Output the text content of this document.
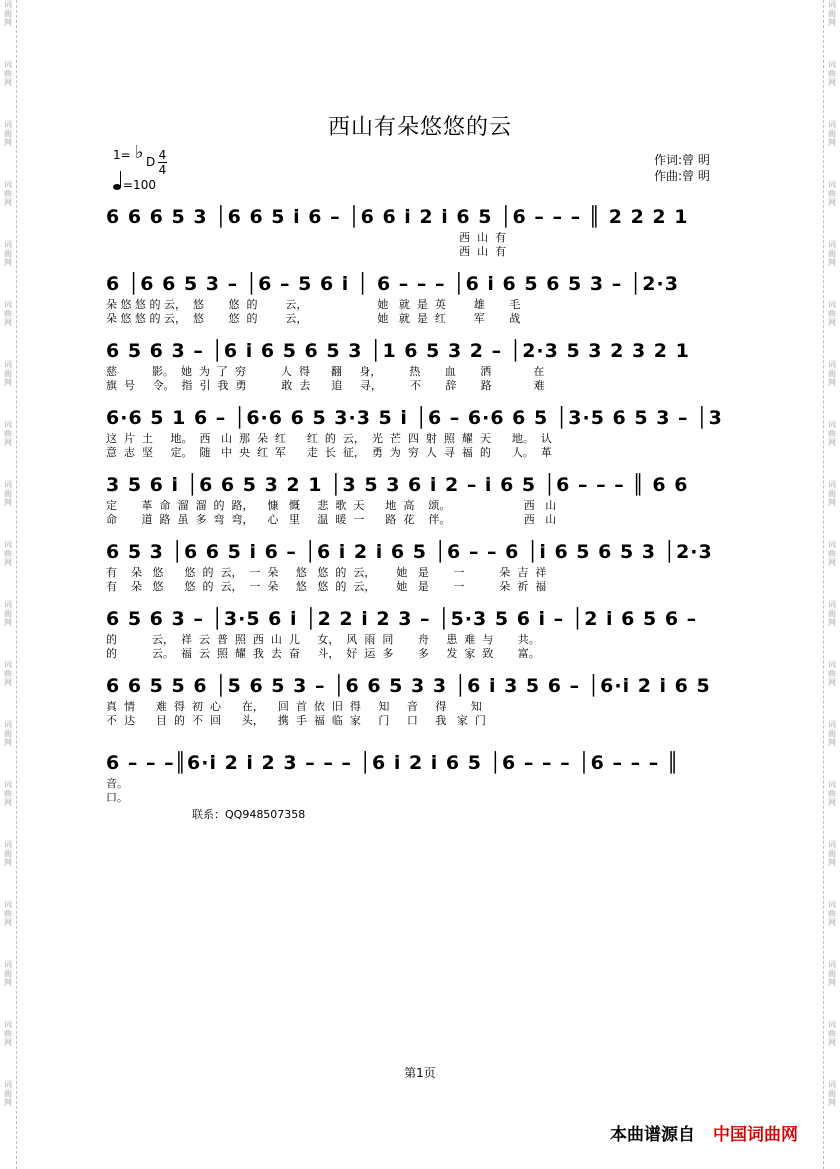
词曲网
词曲网
词曲网
词曲网
词曲网
词曲网
词曲网
词曲网
词曲网
词曲网
词曲网
词曲网
词曲网
词曲网
词曲网
词曲网
词曲网
词曲网
词曲网
词曲网
词曲网
词曲网
词曲网
词曲网
词曲网
词曲网
词曲网
词曲网
词曲网
词曲网
词曲网
词曲网
词曲网
词曲网
词曲网
词曲网
词曲网
词曲网
西山有朵悠悠的云
1= ♭ D 4
4
=100
作词:曾 明
作曲:曾 明
6 6 6 5 3 │6 6 5 i 6 – │6 6 i 2 i 6 5 │6 – – – ║ 2 2 2 1
西  山  有
西  山  有
6 │6 6 5 3 – │6 – 5 6 i │ 6 – – – │6 i 6 5 6 5 3 – │2·3
朵 悠 悠 的 云，  悠       悠  的        云，                    她   就  是  英        雄       毛
朵 悠 悠 的 云，  悠       悠  的        云，                    她   就  是  红        军       战
6 5 6 3 – │6 i 6 5 6 5 3 │1 6 5 3 2 – │2·3 5 3 2 3 2 1
慈          影。  她  为  了  穷          人  得      翻     身，        热       血       洒            在
旗  号     令。  指  引  我  勇          敢  去      追     寻，        不       辞       路            难
6·6 5 1 6 – │6·6 6 5 3·3 5 i │6 – 6·6 6 5 │3·5 6 5 3 – │3
这  片  土     地。  西   山  那  朵  红      红  的  云，  光  芒  四  射  照  耀  天      地。  认
意  志  坚     定。  随   中  央  红  军      走  长  征，  勇  为  穷  人  寻  福  的      人。  革
3 5 6 i │6 6 5 3 2 1 │3 5 3 6 i 2 – i 6 5 │6 – – – ║ 6 6
定       革  命  溜  溜  的  路，    慷   慨     悲  歌  天      地  高    颂。                     西   山
命       道  路  虽  多  弯  弯，    心   里     温  暖  一      路  花    伴。                     西   山
6 5 3 │6 6 5 i 6 – │6 i 2 i 6 5 │6 – – 6 │i 6 5 6 5 3 │2·3
有    朵   悠      悠  的  云，  一  朵     悠   悠  的  云，      她   是       一          朵  吉  祥
有    朵   悠      悠  的  云，  一  朵     悠   悠  的  云，      她   是       一          朵  祈  福
6 5 6 3 – │3·5 6 i │2 2 i 2 3 – │5·3 5 6 i – │2 i 6 5 6 –
的          云，  祥  云  普  照  西  山  儿     女，  风  雨  同       舟     患  难  与       共。
的          云。  福  云  照  耀  我  去  奋     斗，  好  运  多       多     发  家  致       富。
6 6 5 5 6 │5 6 5 3 – │6 6 5 3 3 │6 i 3 5 6 – │6·i 2 i 6 5
真  情      难  得  初  心      在，    回  首  依  旧  得     知     音     得       知
不  达      目  的  不  回      头，    携  手  福  临  家     门     口     我   家  门
6 – – –║6·i 2 i 2 3 – – – │6 i 2 i 6 5 │6 – – – │6 – – – ║
音。
口。
联系：QQ948507358
第1页
本曲谱源自 中国词曲网
